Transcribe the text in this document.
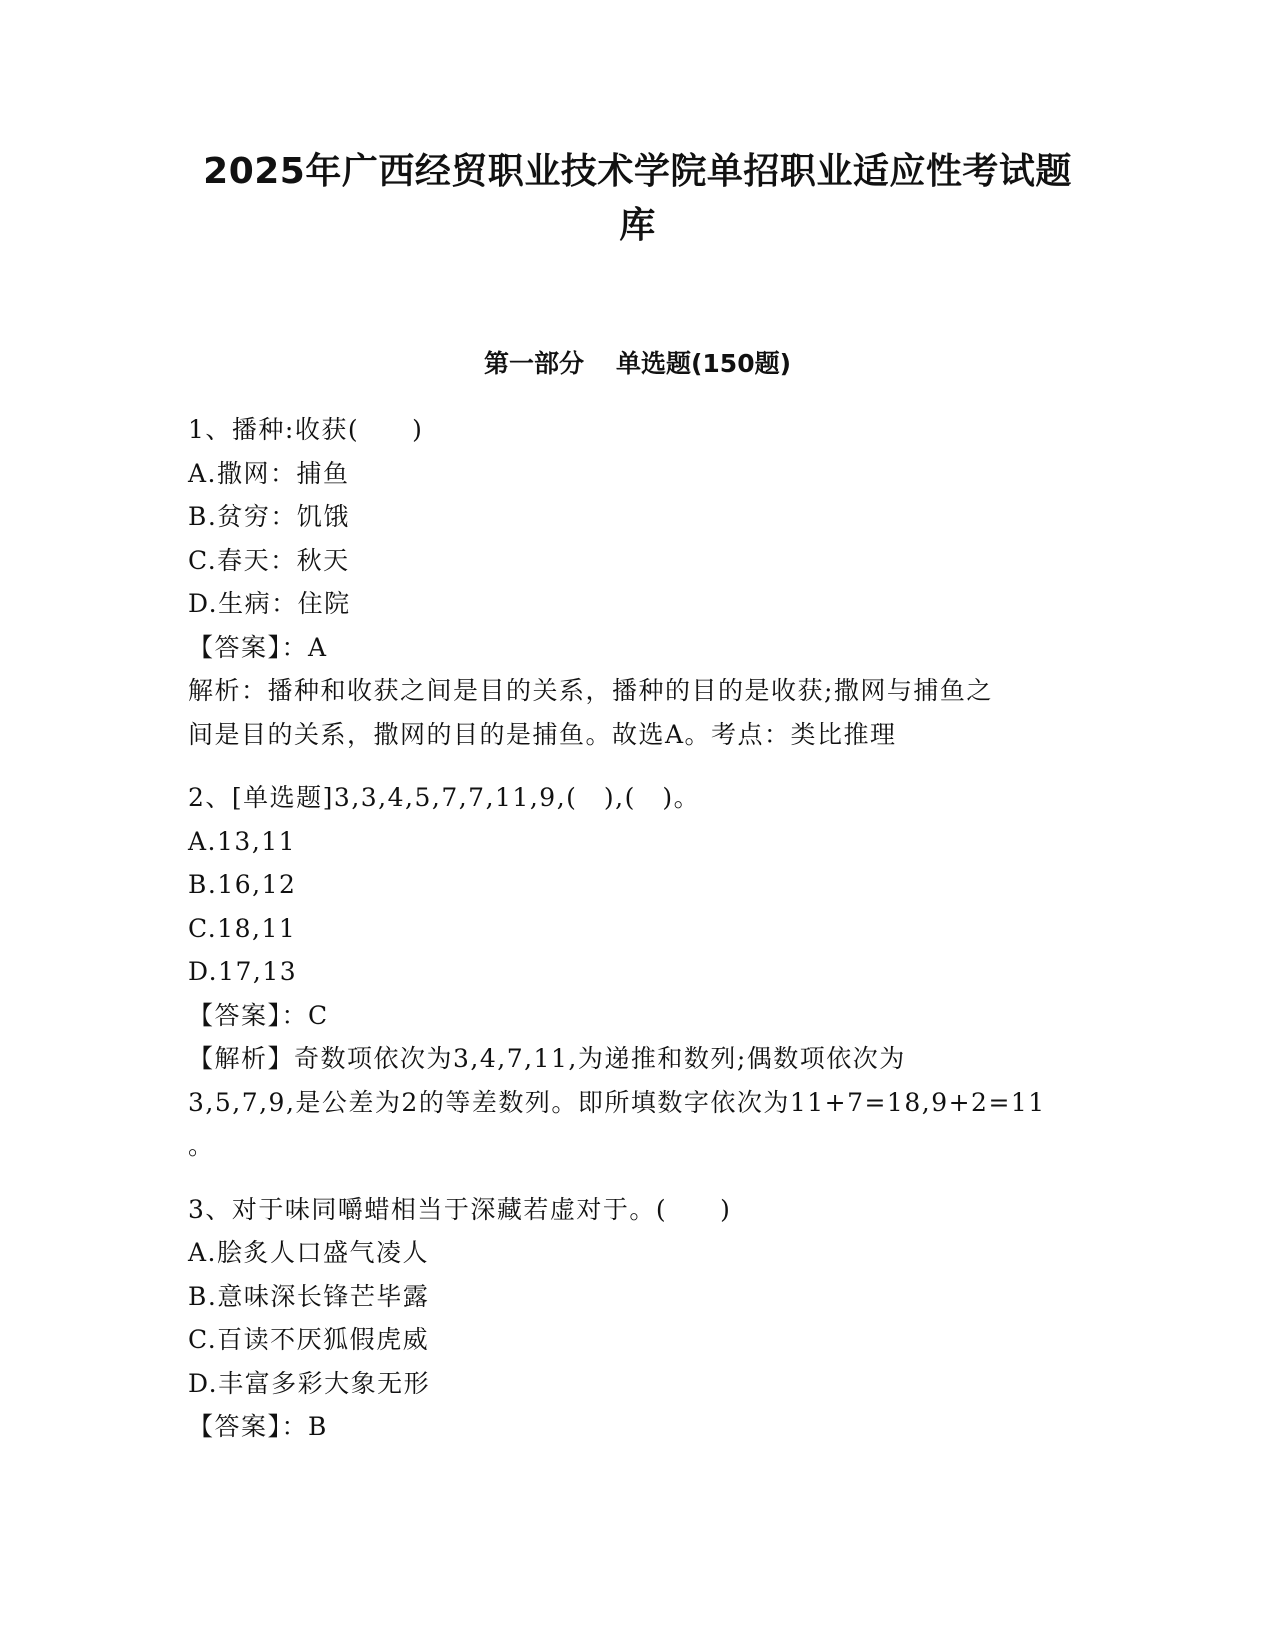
2025年广西经贸职业技术学院单招职业适应性考试题
库
第一部分 单选题(150题)
1、播种:收获(　　)
A.撒网：捕鱼
B.贫穷：饥饿
C.春天：秋天
D.生病：住院
【答案】：A
解析：播种和收获之间是目的关系，播种的目的是收获;撒网与捕鱼之
间是目的关系，撒网的目的是捕鱼。故选A。考点：类比推理
2、[单选题]3,3,4,5,7,7,11,9,(　),(　)。
A.13,11
B.16,12
C.18,11
D.17,13
【答案】：C
【解析】奇数项依次为3,4,7,11,为递推和数列;偶数项依次为
3,5,7,9,是公差为2的等差数列。即所填数字依次为11+7=18,9+2=11
。
3、对于味同嚼蜡相当于深藏若虚对于。(　　)
A.脍炙人口盛气凌人
B.意味深长锋芒毕露
C.百读不厌狐假虎威
D.丰富多彩大象无形
【答案】：B
